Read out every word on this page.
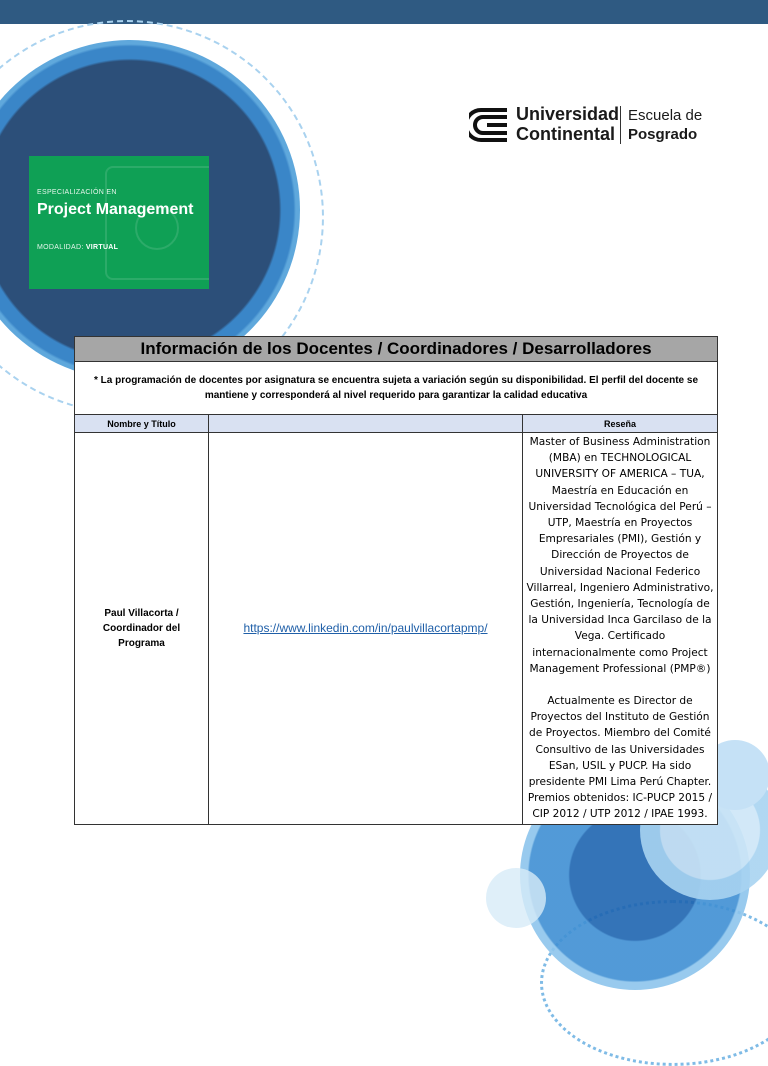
ESPECIALIZACIÓN EN
Project Management
MODALIDAD: VIRTUAL
Universidad
Continental
Escuela de
Posgrado
Información de los Docentes / Coordinadores / Desarrolladores		
* La programación de docentes por asignatura se encuentra sujeta a variación según su disponibilidad. El perfil del docente se mantiene y corresponderá al nivel requerido para garantizar la calidad educativa		
Nombre y Título		Reseña
Paul Villacorta / Coordinador del Programa	https://www.linkedin.com/in/paulvillacortapmp/	Master of Business Administration (MBA) en TECHNOLOGICAL UNIVERSITY OF AMERICA – TUA, Maestría en Educación en Universidad Tecnológica del Perú – UTP, Maestría en Proyectos Empresariales (PMI), Gestión y Dirección de Proyectos de Universidad Nacional Federico Villarreal, Ingeniero Administrativo, Gestión, Ingeniería, Tecnología de la Universidad Inca Garcilaso de la Vega. Certificado internacionalmente como Project Management Professional (PMP®)
Actualmente es Director de Proyectos del Instituto de Gestión de Proyectos. Miembro del Comité Consultivo de las Universidades ESan, USIL y PUCP. Ha sido presidente PMI Lima Perú Chapter. Premios obtenidos: IC-PUCP 2015 / CIP 2012 / UTP 2012 / IPAE 1993.
